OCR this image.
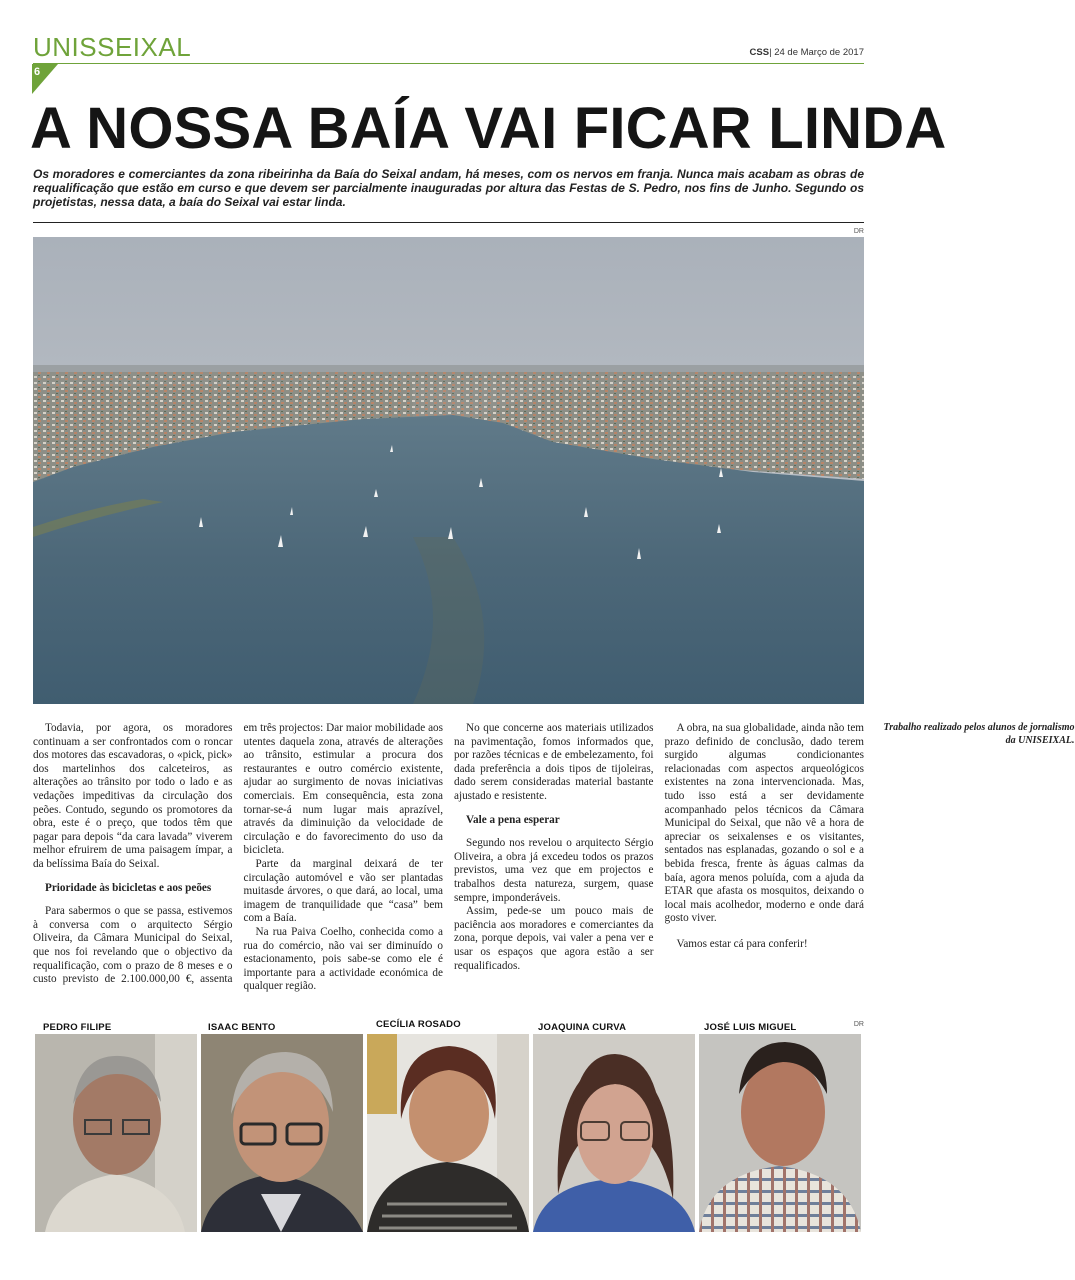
UNISSEIXAL	CSS| 24 de Março de 2017
6
A NOSSA BAÍA VAI FICAR LINDA

Os moradores e comerciantes da zona ribeirinha da Baía do Seixal andam, há meses, com os nervos em franja. Nunca mais acabam as obras de requalificação que estão em curso e que devem ser parcialmente inauguradas por altura das Festas de S. Pedro, nos fins de Junho. Segundo os projetistas, nessa data, a baía do Seixal vai estar linda.

DR

Todavia, por agora, os moradores continuam a ser confrontados com o roncar dos motores das escavadoras, o «pick, pick» dos martelinhos dos calceteiros, as alterações ao trânsito por todo o lado e as vedações impeditivas da circulação dos peões. Contudo, segundo os promotores da obra, este é o preço, que todos têm que pagar para depois “da cara lavada” viverem melhor efruirem de uma paisagem ímpar, a da belíssima Baía do Seixal.

Prioridade às bicicletas e aos peões

Para sabermos o que se passa, estivemos à conversa com o arquitecto Sérgio Oliveira, da Câmara Municipal do Seixal, que nos foi revelando que o objectivo da requalificação, com o prazo de 8 meses e o custo previsto de 2.100.000,00 €, assenta em três projectos: Dar maior mobilidade aos utentes daquela zona, através de alterações ao trânsito, estimular a procura dos restaurantes e outro comércio existente, ajudar ao surgimento de novas iniciativas comerciais. Em consequência, esta zona tornar-se-á num lugar mais aprazível, através da diminuição da velocidade de circulação e do favorecimento do uso da bicicleta.

Parte da marginal deixará de ter circulação automóvel e vão ser plantadas muitasde árvores, o que dará, ao local, uma imagem de tranquilidade que “casa” bem com a Baía.

Na rua Paiva Coelho, conhecida como a rua do comércio, não vai ser diminuído o estacionamento, pois sabe-se como ele é importante para a actividade económica de qualquer região.

No que concerne aos materiais utilizados na pavimentação, fomos informados que, por razões técnicas e de embelezamento, foi dada preferência a dois tipos de tijoleiras, dado serem consideradas material bastante ajustado e resistente.

Vale a pena esperar

Segundo nos revelou o arquitecto Sérgio Oliveira, a obra já excedeu todos os prazos previstos, uma vez que em projectos e trabalhos desta natureza, surgem, quase sempre, imponderáveis.

Assim, pede-se um pouco mais de paciência aos moradores e comerciantes da zona, porque depois, vai valer a pena ver e usar os espaços que agora estão a ser requalificados.

A obra, na sua globalidade, ainda não tem prazo definido de conclusão, dado terem surgido algumas condicionantes relacionadas com aspectos arqueológicos existentes na zona intervencionada. Mas, tudo isso está a ser devidamente acompanhado pelos técnicos da Câmara Municipal do Seixal, que não vê a hora de apreciar os seixalenses e os visitantes, sentados nas esplanadas, gozando o sol e a bebida fresca, frente às águas calmas da baía, agora menos poluída, com a ajuda da ETAR que afasta os mosquitos, deixando o local mais acolhedor, moderno e onde dará gosto viver.

Vamos estar cá para conferir!

Trabalho realizado pelos alunos de jornalismo da UNISEIXAL.

DR
PEDRO FILIPE	ISAAC BENTO	CECÍLIA ROSADO	JOAQUINA CURVA	JOSÉ LUIS MIGUEL
